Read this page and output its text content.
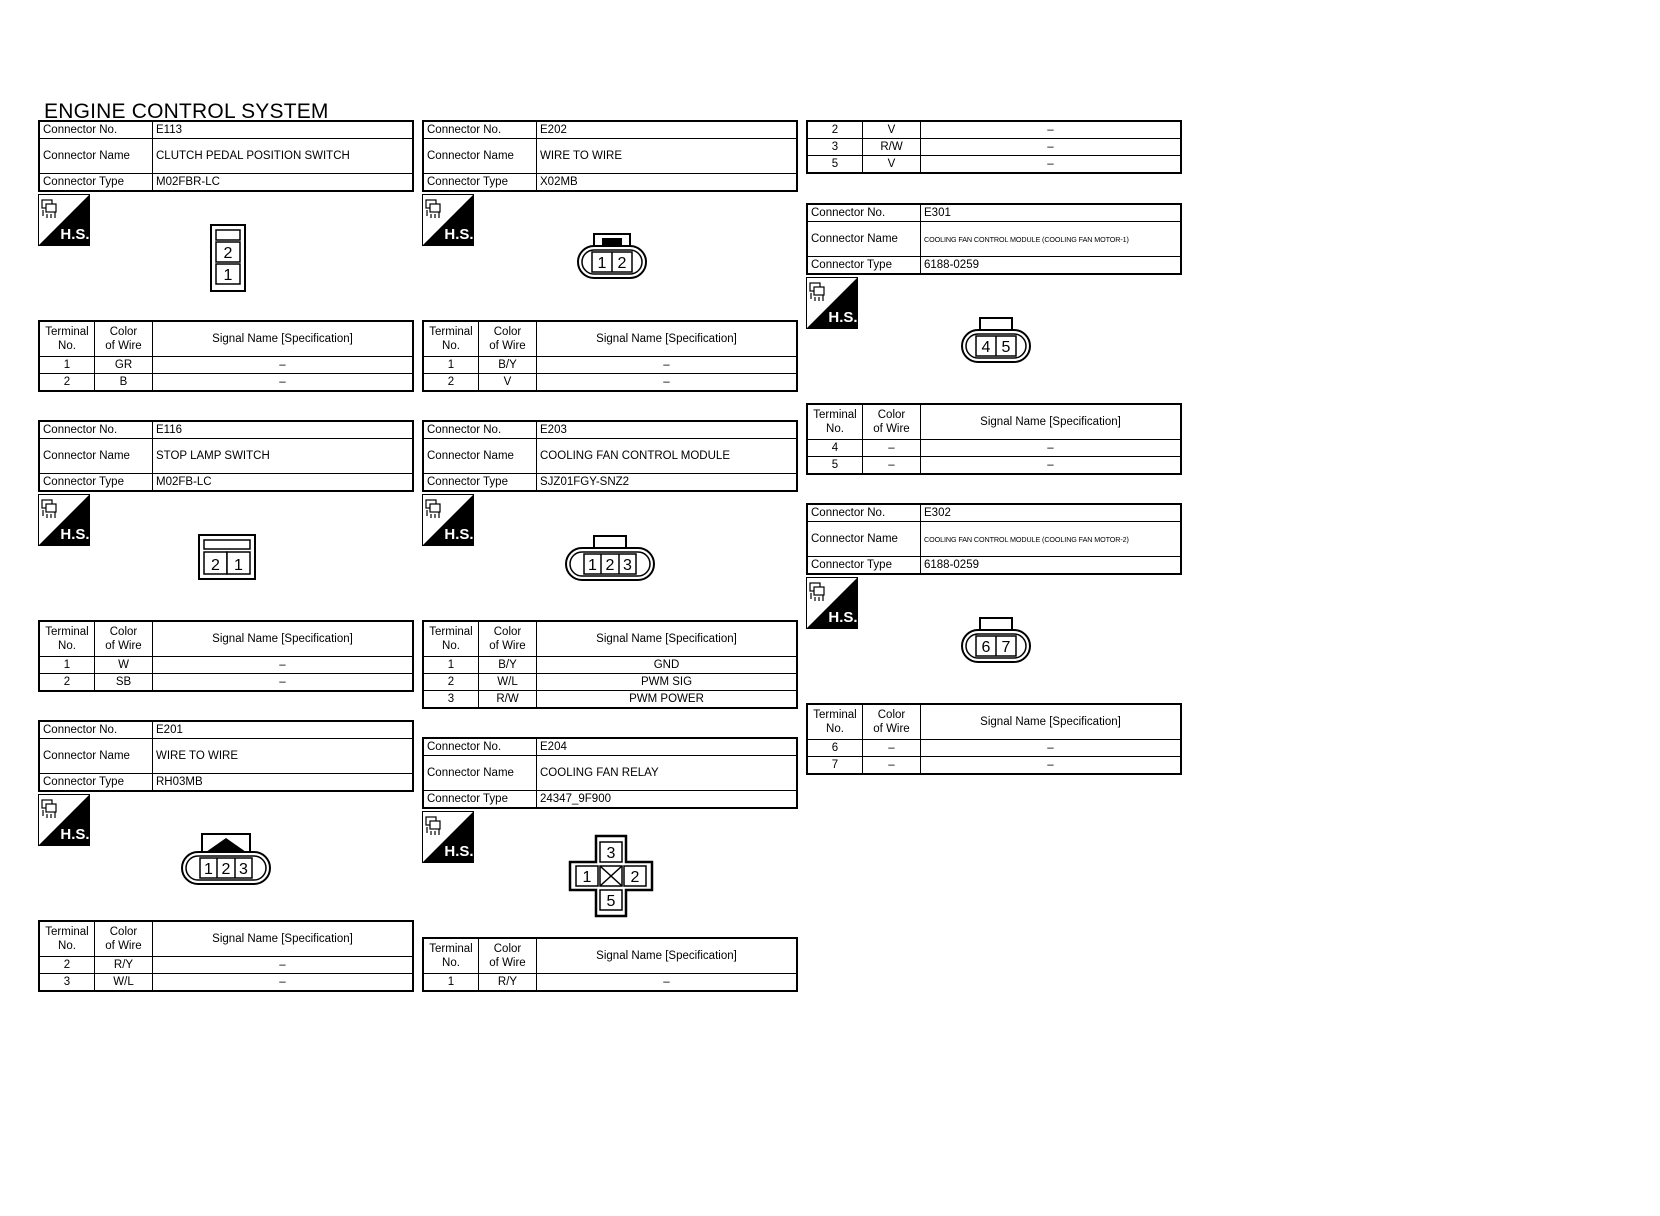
ENGINE CONTROL SYSTEM
Connector No.	E113
Connector Name	CLUTCH PEDAL POSITION SWITCH
Connector Type	M02FBR-LC
H.S.
2
1
Terminal
No.	Color
of Wire	Signal Name [Specification]
1	GR	–
2	B	–
Connector No.	E116
Connector Name	STOP LAMP SWITCH
Connector Type	M02FB-LC
H.S.
2 1
Terminal
No.	Color
of Wire	Signal Name [Specification]
1	W	–
2	SB	–
Connector No.	E201
Connector Name	WIRE TO WIRE
Connector Type	RH03MB
H.S.
1 2 3
Terminal
No.	Color
of Wire	Signal Name [Specification]
2	R/Y	–
3	W/L	–
Connector No.	E202
Connector Name	WIRE TO WIRE
Connector Type	X02MB
H.S.
1 2
Terminal
No.	Color
of Wire	Signal Name [Specification]
1	B/Y	–
2	V	–
Connector No.	E203
Connector Name	COOLING FAN CONTROL MODULE
Connector Type	SJZ01FGY-SNZ2
H.S.
1 2 3
Terminal
No.	Color
of Wire	Signal Name [Specification]
1	B/Y	GND
2	W/L	PWM SIG
3	R/W	PWM POWER
Connector No.	E204
Connector Name	COOLING FAN RELAY
Connector Type	24347_9F900
H.S.	3
1 2
5
Terminal
No.	Color
of Wire	Signal Name [Specification]
1	R/Y	–
2	V	–
3	R/W	–
5	V	–
Connector No.	E301
Connector Name	COOLING FAN CONTROL MODULE (COOLING FAN MOTOR-1)
Connector Type	6188-0259
H.S.
4 5
Terminal
No.	Color
of Wire	Signal Name [Specification]
4	–	–
5	–	–
Connector No.	E302
Connector Name	COOLING FAN CONTROL MODULE (COOLING FAN MOTOR-2)
Connector Type	6188-0259
H.S.
6 7
Terminal
No.	Color
of Wire	Signal Name [Specification]
6	–	–
7	–	–
